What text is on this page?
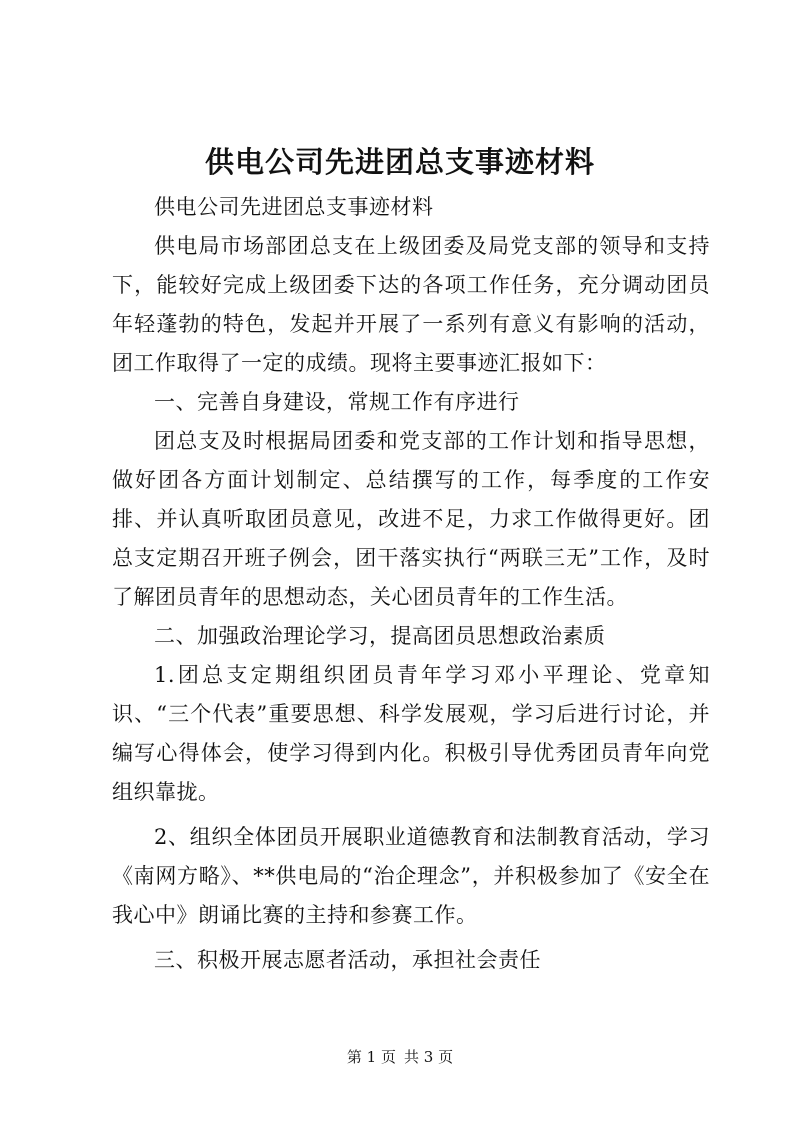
供电公司先进团总支事迹材料

供电公司先进团总支事迹材料

供电局市场部团总支在上级团委及局党支部的领导和支持下，能较好完成上级团委下达的各项工作任务，充分调动团员年轻蓬勃的特色，发起并开展了一系列有意义有影响的活动，团工作取得了一定的成绩。现将主要事迹汇报如下：

一、完善自身建设，常规工作有序进行

团总支及时根据局团委和党支部的工作计划和指导思想，做好团各方面计划制定、总结撰写的工作，每季度的工作安排、并认真听取团员意见，改进不足，力求工作做得更好。团总支定期召开班子例会，团干落实执行“两联三无”工作，及时了解团员青年的思想动态，关心团员青年的工作生活。

二、加强政治理论学习，提高团员思想政治素质

1.团总支定期组织团员青年学习邓小平理论、党章知识、“三个代表”重要思想、科学发展观，学习后进行讨论，并编写心得体会，使学习得到内化。积极引导优秀团员青年向党组织靠拢。

2、组织全体团员开展职业道德教育和法制教育活动，学习《南网方略》、**供电局的“治企理念”，并积极参加了《安全在我心中》朗诵比赛的主持和参赛工作。

三、积极开展志愿者活动，承担社会责任

第 1 页 共 3 页
